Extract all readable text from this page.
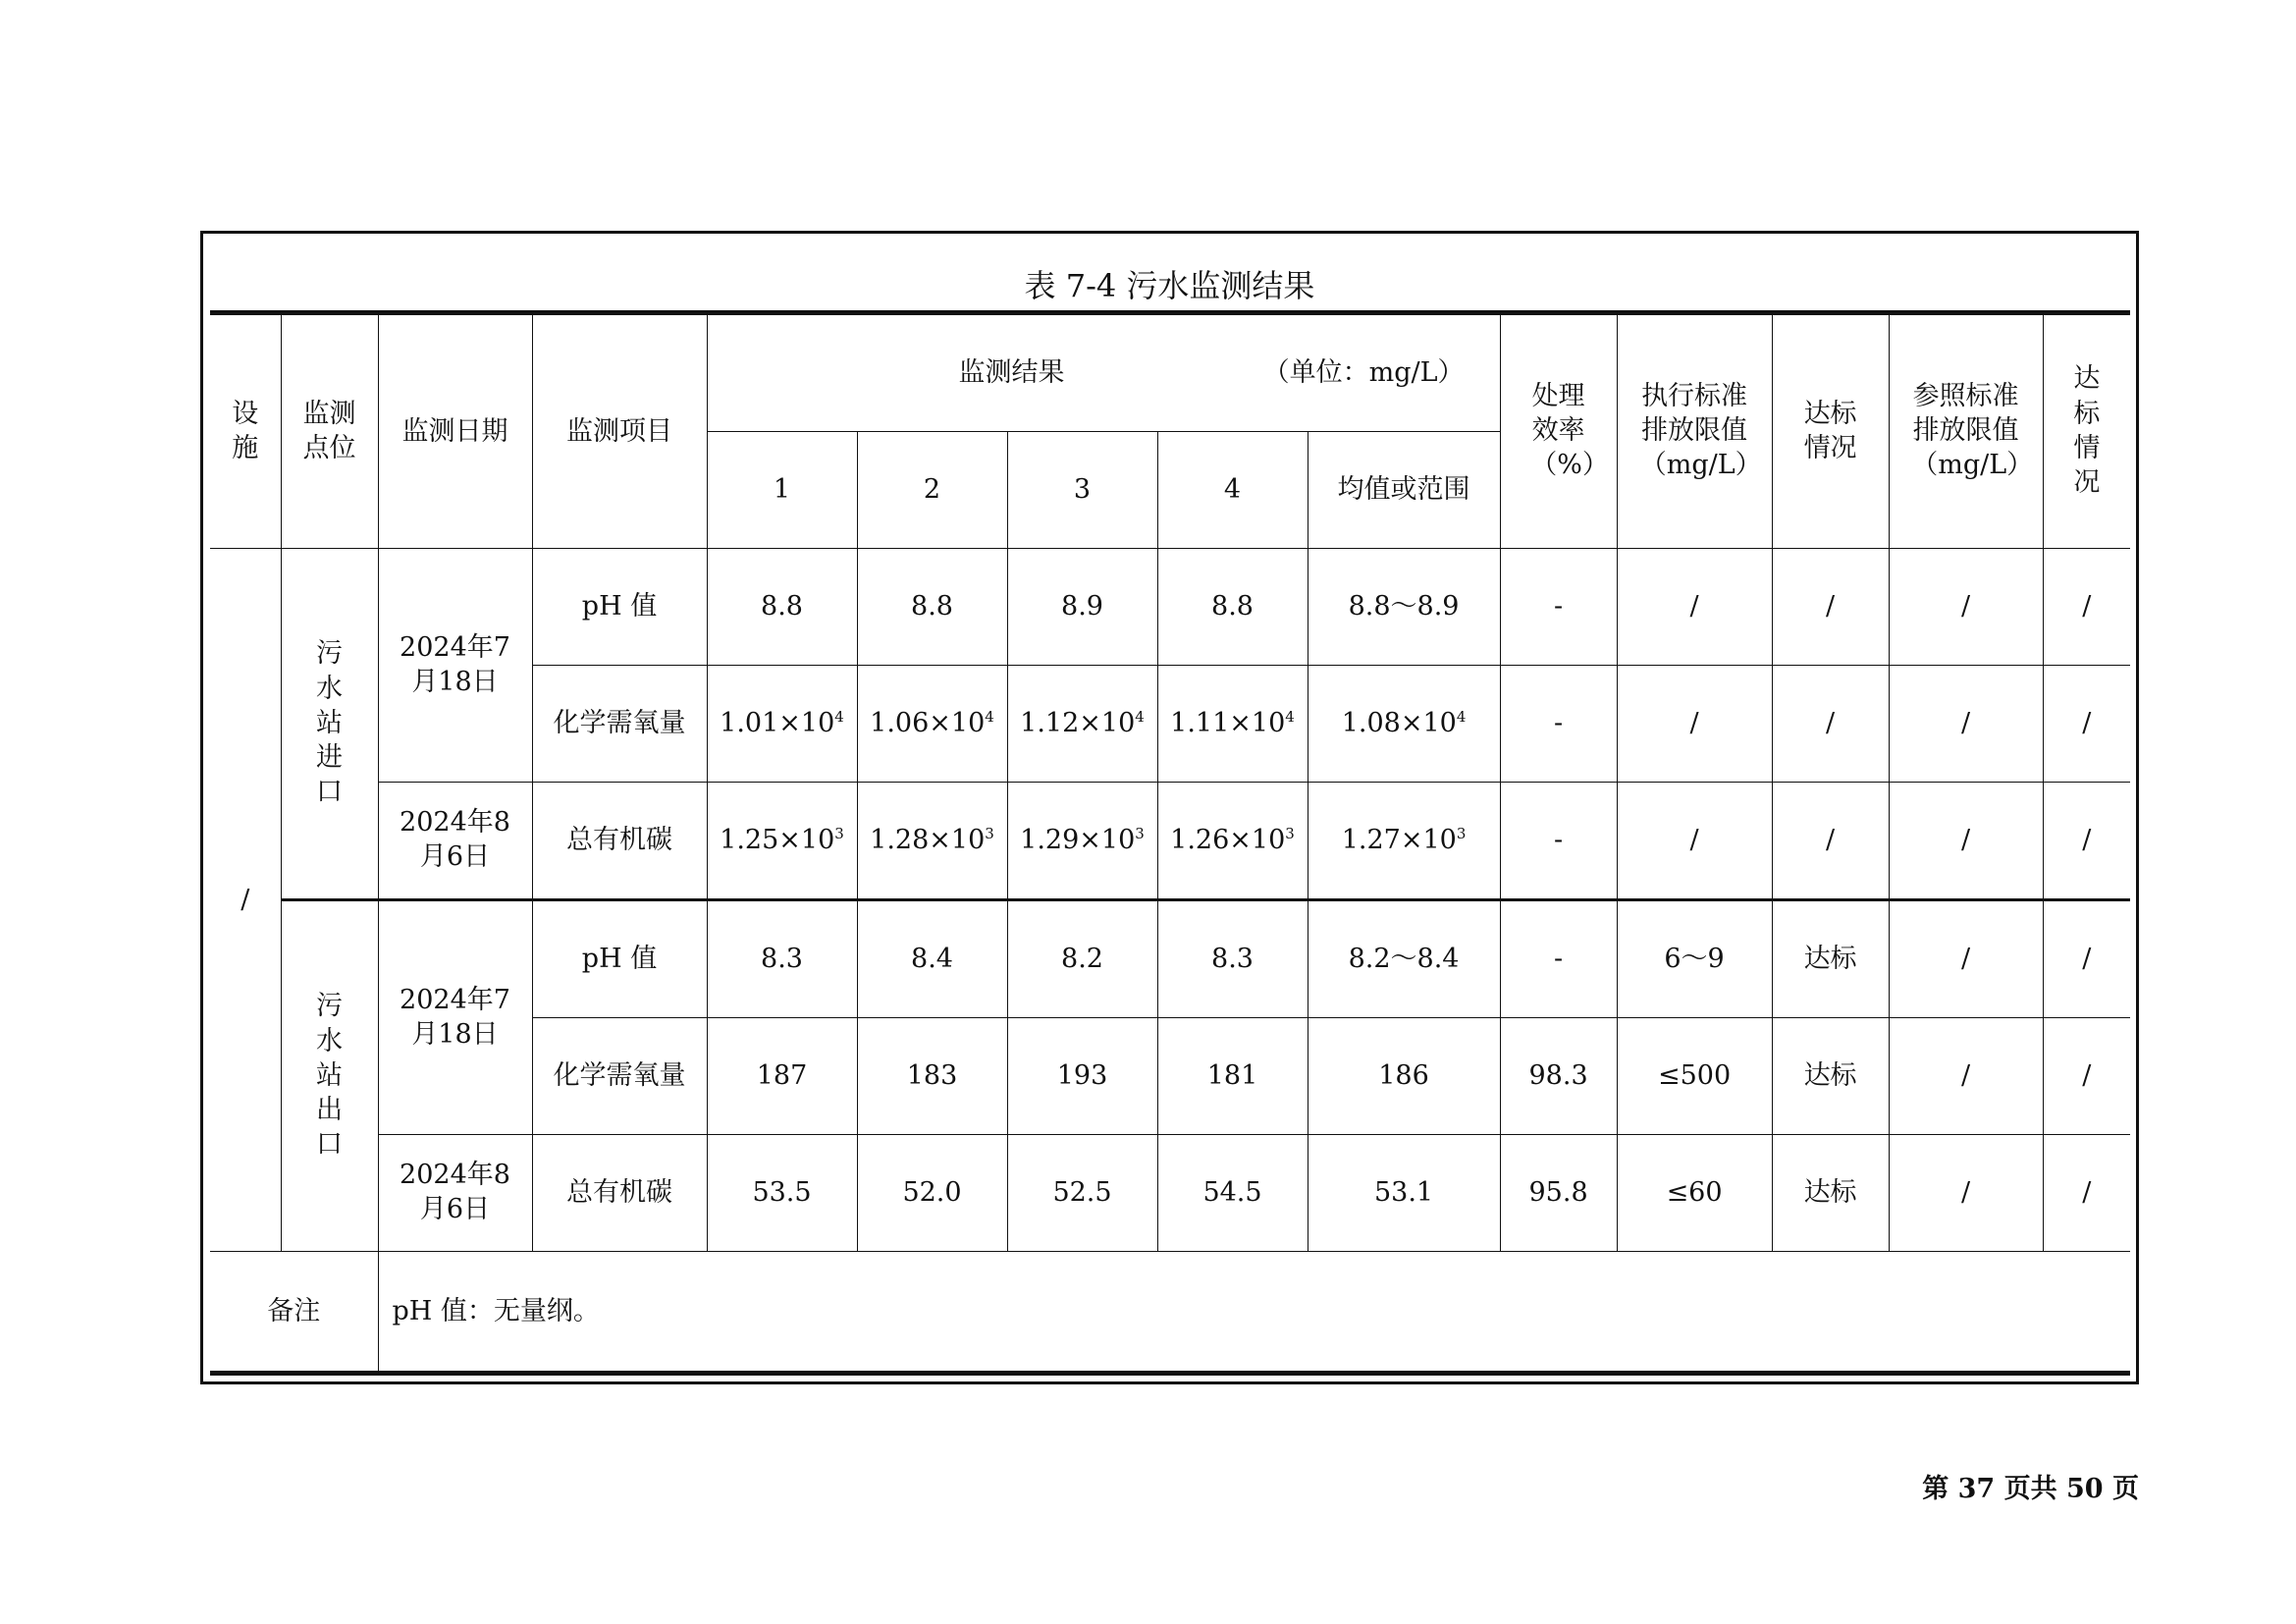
表 7-4 污水监测结果
设施	监测点位	监测日期	监测项目	监测结果 （单位：mg/L）					处理效率（%）	执行标准排放限值（mg/L）	达标情况	参照标准排放限值（mg/L）	达标情况
				1	2	3	4	均值或范围					
/	污水站进口	2024年7月18日	pH 值	8.8	8.8	8.9	8.8	8.8～8.9	-	/	/	/	/
			化学需氧量	$1.01\times 10^4$	$1.06\times 10^4$	$1.12\times 10^4$	$1.11\times 10^4$	$1.08\times 10^4$	-	/	/	/	/
		2024年8月6日	总有机碳	$1.25\times 10^3$	$1.28\times 10^3$	$1.29\times 10^3$	$1.26\times 10^3$	$1.27\times 10^3$	-	/	/	/	/
	污水站出口	2024年7月18日	pH 值	8.3	8.4	8.2	8.3	8.2～8.4	-	6～9	达标	/	/
			化学需氧量	187	183	193	181	186	98.3	≤500	达标	/	/
		2024年8月6日	总有机碳	53.5	52.0	52.5	54.5	53.1	95.8	≤60	达标	/	/
备注		pH 值：无量纲。											
第 37 页共 50 页
